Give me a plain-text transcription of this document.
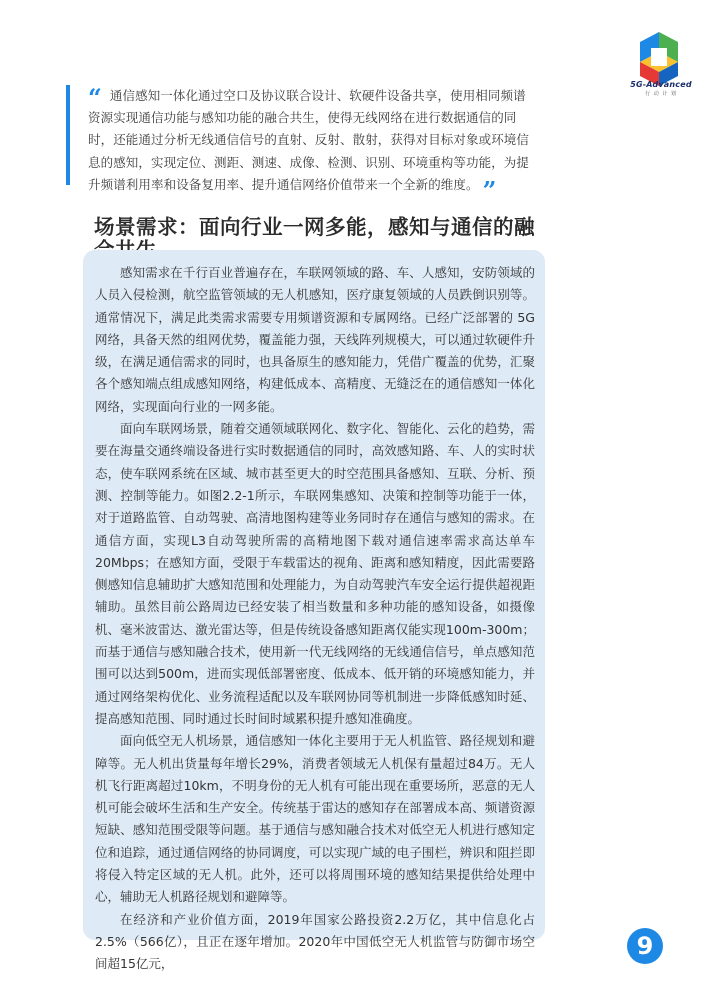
5G-Advanced
行 动 计 划
“ 通信感知一体化通过空口及协议联合设计、软硬件设备共享，使用相同频谱资源实现通信功能与感知功能的融合共生，使得无线网络在进行数据通信的同时，还能通过分析无线通信信号的直射、反射、散射，获得对目标对象或环境信息的感知，实现定位、测距、测速、成像、检测、识别、环境重构等功能，为提升频谱利用率和设备复用率、提升通信网络价值带来一个全新的维度。 ”
场景需求：面向行业一网多能，感知与通信的融

感知需求在千行百业普遍存在，车联网领域的路、车、人感知，安防领域的人员入侵检测，航空监管领域的无人机感知，医疗康复领域的人员跌倒识别等。通常情况下，满足此类需求需要专用频谱资源和专属网络。已经广泛部署的 5G 网络，具备天然的组网优势，覆盖能力强，天线阵列规模大，可以通过软硬件升级，在满足通信需求的同时，也具备原生的感知能力，凭借广覆盖的优势，汇聚各个感知端点组成感知网络，构建低成本、高精度、无缝泛在的通信感知一体化网络，实现面向行业的一网多能。

面向车联网场景，随着交通领域联网化、数字化、智能化、云化的趋势，需要在海量交通终端设备进行实时数据通信的同时，高效感知路、车、人的实时状态，使车联网系统在区域、城市甚至更大的时空范围具备感知、互联、分析、预测、控制等能力。如图2.2-1所示，车联网集感知、决策和控制等功能于一体，对于道路监管、自动驾驶、高清地图构建等业务同时存在通信与感知的需求。在通信方面，实现L3自动驾驶所需的高精地图下载对通信速率需求高达单车20Mbps；在感知方面，受限于车载雷达的视角、距离和感知精度，因此需要路侧感知信息辅助扩大感知范围和处理能力，为自动驾驶汽车安全运行提供超视距辅助。虽然目前公路周边已经安装了相当数量和多种功能的感知设备，如摄像机、毫米波雷达、激光雷达等，但是传统设备感知距离仅能实现100m-300m；而基于通信与感知融合技术，使用新一代无线网络的无线通信信号，单点感知范围可以达到500m，进而实现低部署密度、低成本、低开销的环境感知能力，并通过网络架构优化、业务流程适配以及车联网协同等机制进一步降低感知时延、提高感知范围、同时通过长时间时域累积提升感知准确度。

面向低空无人机场景，通信感知一体化主要用于无人机监管、路径规划和避障等。无人机出货量每年增长29%，消费者领域无人机保有量超过84万。无人机飞行距离超过10km，不明身份的无人机有可能出现在重要场所，恶意的无人机可能会破坏生活和生产安全。传统基于雷达的感知存在部署成本高、频谱资源短缺、感知范围受限等问题。基于通信与感知融合技术对低空无人机进行感知定位和追踪，通过通信网络的协同调度，可以实现广域的电子围栏，辨识和阻拦即将侵入特定区域的无人机。此外，还可以将周围环境的感知结果提供给处理中心，辅助无人机路径规划和避障等。

在经济和产业价值方面，2019年国家公路投资2.2万亿，其中信息化占2.5%（566亿），且正在逐年增加。2020年中国低空无人机监管与防御市场空间超15亿元，

9
